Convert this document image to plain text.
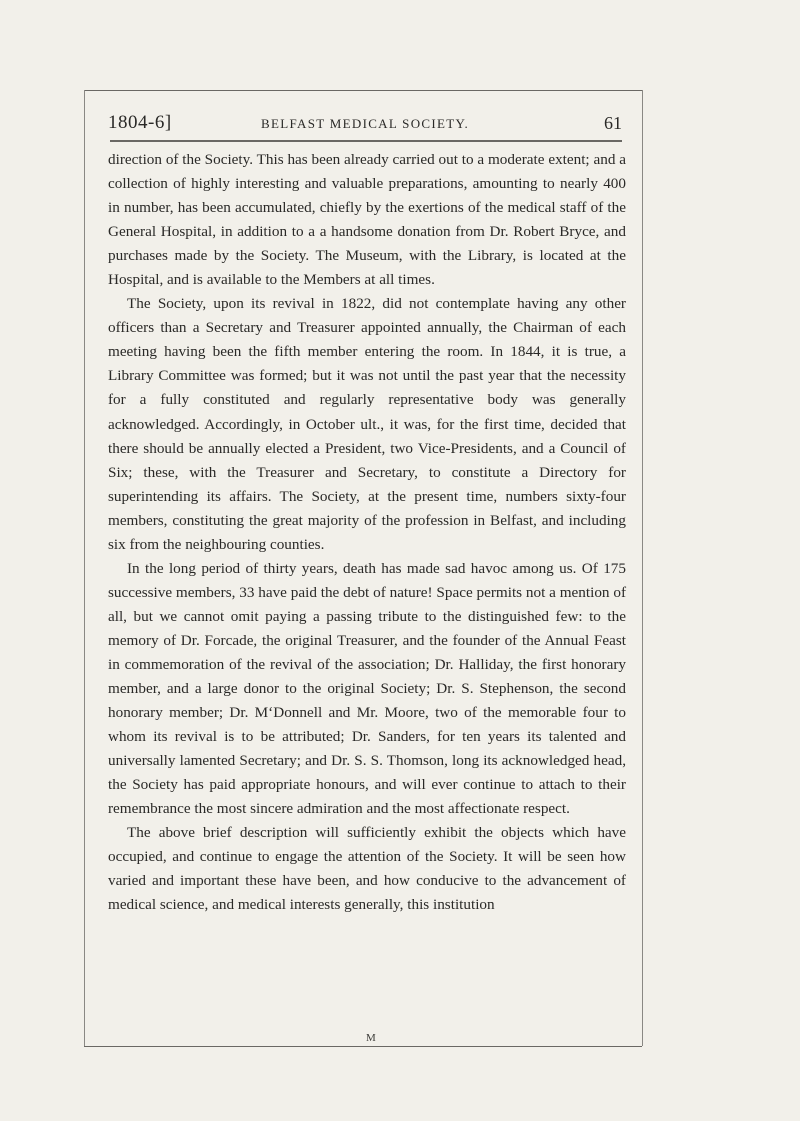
1804-6]	BELFAST MEDICAL SOCIETY.	61

direction of the Society. This has been already carried out to a moderate extent; and a collection of highly interesting and valuable preparations, amounting to nearly 400 in number, has been accumulated, chiefly by the exertions of the medical staff of the General Hospital, in addition to a a handsome donation from Dr. Robert Bryce, and purchases made by the Society. The Museum, with the Library, is located at the Hospital, and is available to the Members at all times.

The Society, upon its revival in 1822, did not contemplate having any other officers than a Secretary and Treasurer appointed annually, the Chairman of each meeting having been the fifth member entering the room. In 1844, it is true, a Library Committee was formed; but it was not until the past year that the necessity for a fully constituted and regularly representative body was generally acknowledged. Accordingly, in October ult., it was, for the first time, decided that there should be annually elected a President, two Vice-Presidents, and a Council of Six; these, with the Treasurer and Secretary, to constitute a Directory for superintending its affairs. The Society, at the present time, numbers sixty-four members, constituting the great majority of the profession in Belfast, and including six from the neighbouring counties.

In the long period of thirty years, death has made sad havoc among us. Of 175 successive members, 33 have paid the debt of nature! Space permits not a mention of all, but we cannot omit paying a passing tribute to the distinguished few: to the memory of Dr. Forcade, the original Treasurer, and the founder of the Annual Feast in commemoration of the revival of the association; Dr. Halliday, the first honorary member, and a large donor to the original Society; Dr. S. Stephenson, the second honorary member; Dr. M‘Donnell and Mr. Moore, two of the memorable four to whom its revival is to be attributed; Dr. Sanders, for ten years its talented and universally lamented Secretary; and Dr. S. S. Thomson, long its acknowledged head, the Society has paid appropriate honours, and will ever continue to attach to their remembrance the most sincere admiration and the most affectionate respect.

The above brief description will sufficiently exhibit the objects which have occupied, and continue to engage the attention of the Society. It will be seen how varied and important these have been, and how conducive to the advancement of medical science, and medical interests generally, this institution

M
